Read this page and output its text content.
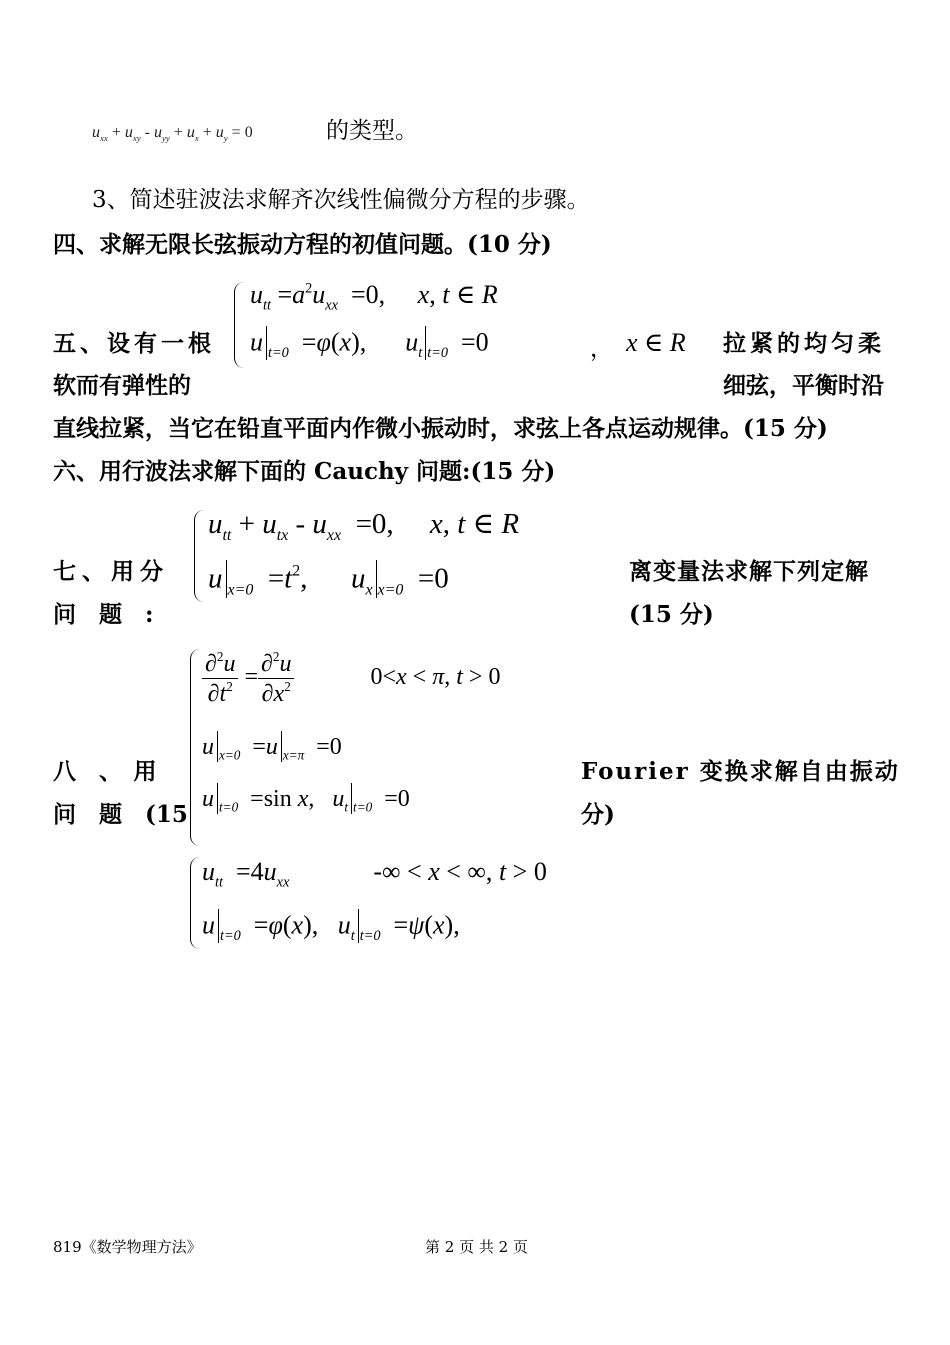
$u_{xx} + u_{xy} - u_{yy} + u_x + u_y = 0$	的类型。
3、简述驻波法求解齐次线性偏微分方程的步骤。
四、求解无限长弦振动方程的初值问题。(10 分)
$u_{tt} =a^2u_{xx} =0$,     x, t ∈ R
u $_{t=0}$  =φ(x),      $u_t$ $_{t=0}$  =0	， x ∈ R
五、设有一根
软而有弹性的
拉紧的均匀柔
细弦，平衡时沿
直线拉紧，当它在铅直平面内作微小振动时，求弦上各点运动规律。(15 分)
六、用行波法求解下面的 Cauchy 问题:(15 分)
$u_{tt} + u_{tx} - u_{xx} =0$,     x, t ∈ R
u $_{x=0} =t^2$,      $u_x$ $_{x=0}$  =0
七、用分
问　题　:
离变量法求解下列定解
(15 分)
$\frac{\partial^2u}{\partial t^2} = \frac{\partial^2u}{\partial x^2}$	0<x < π, t > 0
u $_{x=0}$  =u $_{x=\pi}$  =0
u $_{t=0}$  =sin x,   $u_t$ $_{t=0}$  =0
八　、　用
问　题　(15
Fourier 变换求解自由振动
分)
$u_{tt} =4u_{xx}$	-∞ < x < ∞, t > 0
u $_{t=0}$  =φ(x),   $u_t$ $_{t=0}$  =ψ(x),
819《数学物理方法》	第 2 页 共 2 页
